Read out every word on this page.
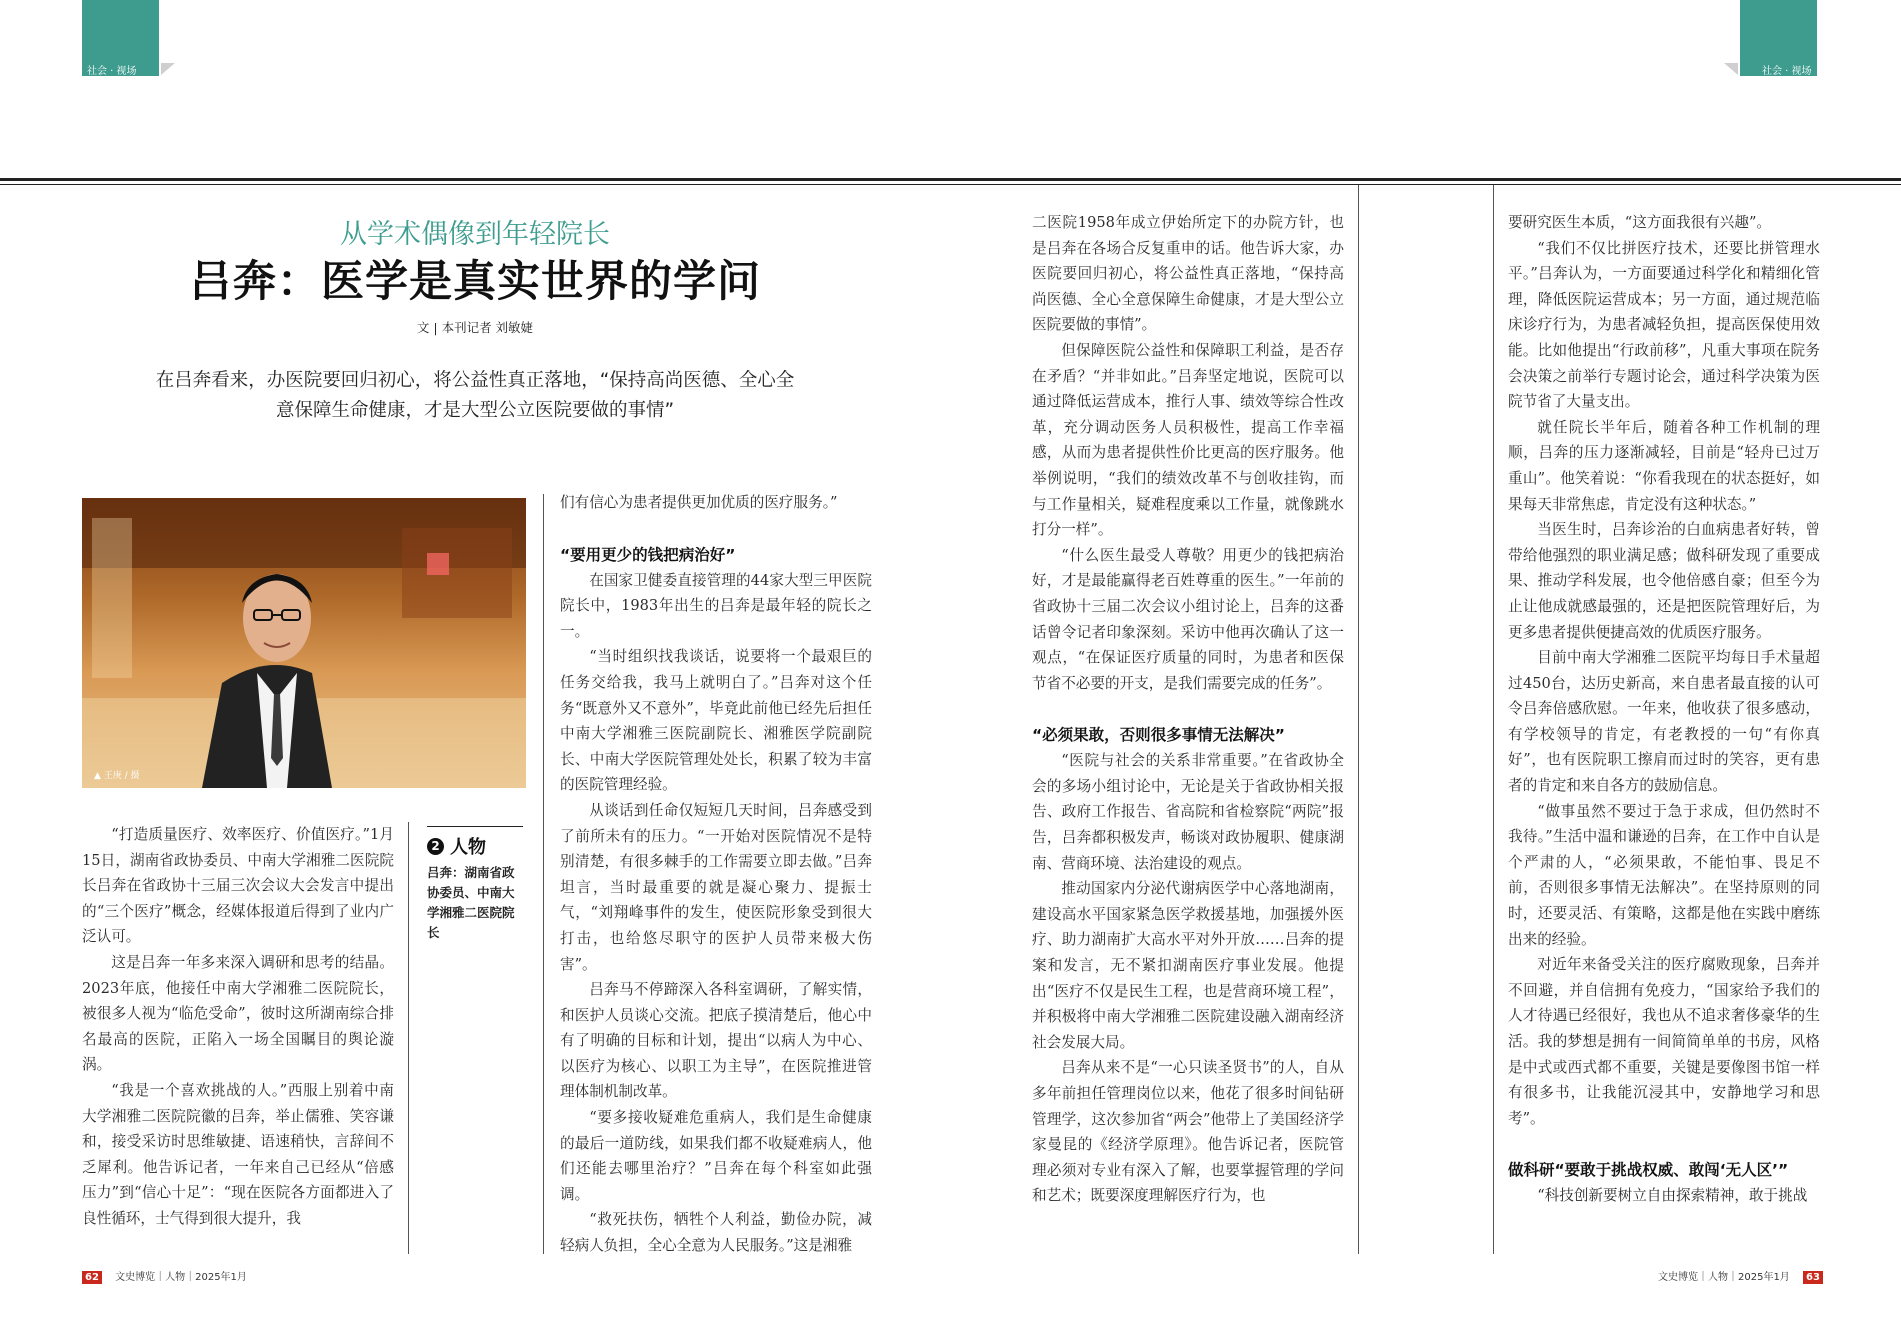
社会 · 视场	社会 · 视场
从学术偶像到年轻院长
吕奔：医学是真实世界的学问
文 | 本刊记者 刘敏婕
在吕奔看来，办医院要回归初心，将公益性真正落地，“保持高尚医德、全心全意保障生命健康，才是大型公立医院要做的事情”
▲ 王庚 / 摄

“打造质量医疗、效率医疗、价值医疗。”1月15日，湖南省政协委员、中南大学湘雅二医院院长吕奔在省政协十三届三次会议大会发言中提出的“三个医疗”概念，经媒体报道后得到了业内广泛认可。

这是吕奔一年多来深入调研和思考的结晶。2023年底，他接任中南大学湘雅二医院院长，被很多人视为“临危受命”，彼时这所湖南综合排名最高的医院，正陷入一场全国瞩目的舆论漩涡。

“我是一个喜欢挑战的人。”西服上别着中南大学湘雅二医院院徽的吕奔，举止儒雅、笑容谦和，接受采访时思维敏捷、语速稍快，言辞间不乏犀利。他告诉记者，一年来自己已经从“倍感压力”到“信心十足”：“现在医院各方面都进入了良性循环，士气得到很大提升，我

2 人物
吕奔：湖南省政协委员、中南大学湘雅二医院院长

们有信心为患者提供更加优质的医疗服务。”

“要用更少的钱把病治好”

在国家卫健委直接管理的44家大型三甲医院院长中，1983年出生的吕奔是最年轻的院长之一。

“当时组织找我谈话，说要将一个最艰巨的任务交给我，我马上就明白了。”吕奔对这个任务“既意外又不意外”，毕竟此前他已经先后担任中南大学湘雅三医院副院长、湘雅医学院副院长、中南大学医院管理处处长，积累了较为丰富的医院管理经验。

从谈话到任命仅短短几天时间，吕奔感受到了前所未有的压力。“一开始对医院情况不是特别清楚，有很多棘手的工作需要立即去做。”吕奔坦言，当时最重要的就是凝心聚力、提振士气，“刘翔峰事件的发生，使医院形象受到很大打击，也给悠尽职守的医护人员带来极大伤害”。

吕奔马不停蹄深入各科室调研，了解实情，和医护人员谈心交流。把底子摸清楚后，他心中有了明确的目标和计划，提出“以病人为中心、以医疗为核心、以职工为主导”，在医院推进管理体制机制改革。

“要多接收疑难危重病人，我们是生命健康的最后一道防线，如果我们都不收疑难病人，他们还能去哪里治疗？”吕奔在每个科室如此强调。

“救死扶伤，牺牲个人利益，勤俭办院，减轻病人负担，全心全意为人民服务。”这是湘雅

二医院1958年成立伊始所定下的办院方针，也是吕奔在各场合反复重申的话。他告诉大家，办医院要回归初心，将公益性真正落地，“保持高尚医德、全心全意保障生命健康，才是大型公立医院要做的事情”。

但保障医院公益性和保障职工利益，是否存在矛盾？“并非如此。”吕奔坚定地说，医院可以通过降低运营成本，推行人事、绩效等综合性改革，充分调动医务人员积极性，提高工作幸福感，从而为患者提供性价比更高的医疗服务。他举例说明，“我们的绩效改革不与创收挂钩，而与工作量相关，疑难程度乘以工作量，就像跳水打分一样”。

“什么医生最受人尊敬？用更少的钱把病治好，才是最能赢得老百姓尊重的医生。”一年前的省政协十三届二次会议小组讨论上，吕奔的这番话曾令记者印象深刻。采访中他再次确认了这一观点，“在保证医疗质量的同时，为患者和医保节省不必要的开支，是我们需要完成的任务”。

“必须果敢，否则很多事情无法解决”

“医院与社会的关系非常重要。”在省政协全会的多场小组讨论中，无论是关于省政协相关报告、政府工作报告、省高院和省检察院“两院”报告，吕奔都积极发声，畅谈对政协履职、健康湖南、营商环境、法治建设的观点。

推动国家内分泌代谢病医学中心落地湖南，建设高水平国家紧急医学救援基地，加强援外医疗、助力湖南扩大高水平对外开放……吕奔的提案和发言，无不紧扣湖南医疗事业发展。他提出“医疗不仅是民生工程，也是营商环境工程”，并积极将中南大学湘雅二医院建设融入湖南经济社会发展大局。

吕奔从来不是“一心只读圣贤书”的人，自从多年前担任管理岗位以来，他花了很多时间钻研管理学，这次参加省“两会”他带上了美国经济学家曼昆的《经济学原理》。他告诉记者，医院管理必须对专业有深入了解，也要掌握管理的学问和艺术；既要深度理解医疗行为，也

要研究医生本质，“这方面我很有兴趣”。

“我们不仅比拼医疗技术，还要比拼管理水平。”吕奔认为，一方面要通过科学化和精细化管理，降低医院运营成本；另一方面，通过规范临床诊疗行为，为患者减轻负担，提高医保使用效能。比如他提出“行政前移”，凡重大事项在院务会决策之前举行专题讨论会，通过科学决策为医院节省了大量支出。

就任院长半年后，随着各种工作机制的理顺，吕奔的压力逐渐减轻，目前是“轻舟已过万重山”。他笑着说：“你看我现在的状态挺好，如果每天非常焦虑，肯定没有这种状态。”

当医生时，吕奔诊治的白血病患者好转，曾带给他强烈的职业满足感；做科研发现了重要成果、推动学科发展，也令他倍感自豪；但至今为止让他成就感最强的，还是把医院管理好后，为更多患者提供便捷高效的优质医疗服务。

目前中南大学湘雅二医院平均每日手术量超过450台，达历史新高，来自患者最直接的认可令吕奔倍感欣慰。一年来，他收获了很多感动，有学校领导的肯定，有老教授的一句“有你真好”，也有医院职工擦肩而过时的笑容，更有患者的肯定和来自各方的鼓励信息。

“做事虽然不要过于急于求成，但仍然时不我待。”生活中温和谦逊的吕奔，在工作中自认是个严肃的人，“必须果敢，不能怕事、畏足不前，否则很多事情无法解决”。在坚持原则的同时，还要灵活、有策略，这都是他在实践中磨练出来的经验。

对近年来备受关注的医疗腐败现象，吕奔并不回避，并自信拥有免疫力，“国家给予我们的人才待遇已经很好，我也从不追求奢侈豪华的生活。我的梦想是拥有一间简简单单的书房，风格是中式或西式都不重要，关键是要像图书馆一样有很多书，让我能沉浸其中，安静地学习和思考”。

做科研“要敢于挑战权威、敢闯‘无人区’”

“科技创新要树立自由探索精神，敢于挑战

62 文史博览｜人物｜2025年1月	文史博览｜人物｜2025年1月 63
